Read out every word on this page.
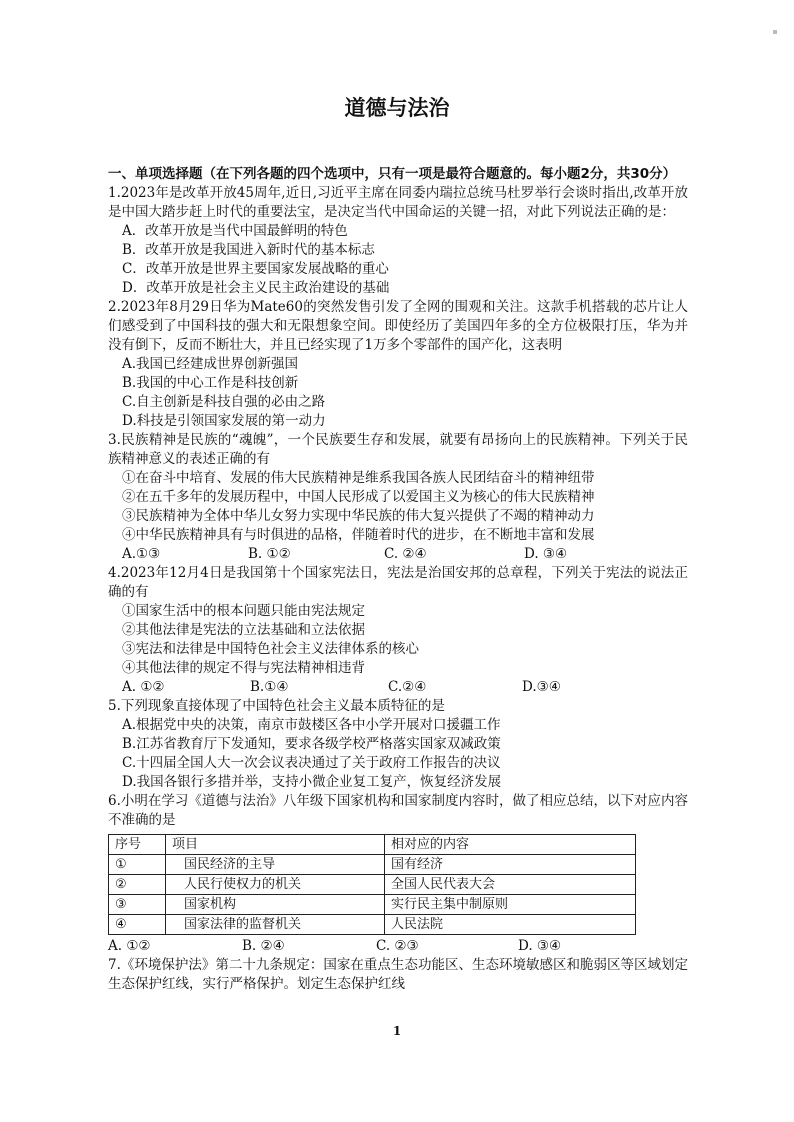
道德与法治
一、单项选择题（在下列各题的四个选项中，只有一项是最符合题意的。每小题2分，共30分）
1.2023年是改革开放45周年,近日,习近平主席在同委内瑞拉总统马杜罗举行会谈时指出,改革开放是中国大踏步赶上时代的重要法宝，是决定当代中国命运的关键一招，对此下列说法正确的是：
A．改革开放是当代中国最鲜明的特色
B．改革开放是我国进入新时代的基本标志
C．改革开放是世界主要国家发展战略的重心
D．改革开放是社会主义民主政治建设的基础
2.2023年8月29日华为Mate60的突然发售引发了全网的围观和关注。这款手机搭载的芯片让人们感受到了中国科技的强大和无限想象空间。即使经历了美国四年多的全方位极限打压，华为并没有倒下，反而不断壮大，并且已经实现了1万多个零部件的国产化，这表明
A.我国已经建成世界创新强国
B.我国的中心工作是科技创新
C.自主创新是科技自强的必由之路
D.科技是引领国家发展的第一动力
3.民族精神是民族的“魂魄”，一个民族要生存和发展，就要有昂扬向上的民族精神。下列关于民族精神意义的表述正确的有
①在奋斗中培育、发展的伟大民族精神是维系我国各族人民团结奋斗的精神纽带
②在五千多年的发展历程中，中国人民形成了以爱国主义为核心的伟大民族精神
③民族精神为全体中华儿女努力实现中华民族的伟大复兴提供了不竭的精神动力
④中华民族精神具有与时俱进的品格，伴随着时代的进步，在不断地丰富和发展
A.①③	B. ①②	C. ②④	D. ③④
4.2023年12月4日是我国第十个国家宪法日，宪法是治国安邦的总章程，下列关于宪法的说法正确的有
①国家生活中的根本问题只能由宪法规定
②其他法律是宪法的立法基础和立法依据
③宪法和法律是中国特色社会主义法律体系的核心
④其他法律的规定不得与宪法精神相违背
A. ①②	B.①④	C.②④	D.③④
5.下列现象直接体现了中国特色社会主义最本质特征的是
A.根据党中央的决策，南京市鼓楼区各中小学开展对口援疆工作
B.江苏省教育厅下发通知，要求各级学校严格落实国家双减政策
C.十四届全国人大一次会议表决通过了关于政府工作报告的决议
D.我国各银行多措并举，支持小微企业复工复产，恢复经济发展
6.小明在学习《道德与法治》八年级下国家机构和国家制度内容时，做了相应总结，以下对应内容不准确的是
序号	项目	相对应的内容
①	国民经济的主导	国有经济
②	人民行使权力的机关	全国人民代表大会
③	国家机构	实行民主集中制原则
④	国家法律的监督机关	人民法院
A. ①②	B. ②④	C. ②③	D. ③④
7.《环境保护法》第二十九条规定：国家在重点生态功能区、生态环境敏感区和脆弱区等区域划定生态保护红线，实行严格保护。划定生态保护红线
1
